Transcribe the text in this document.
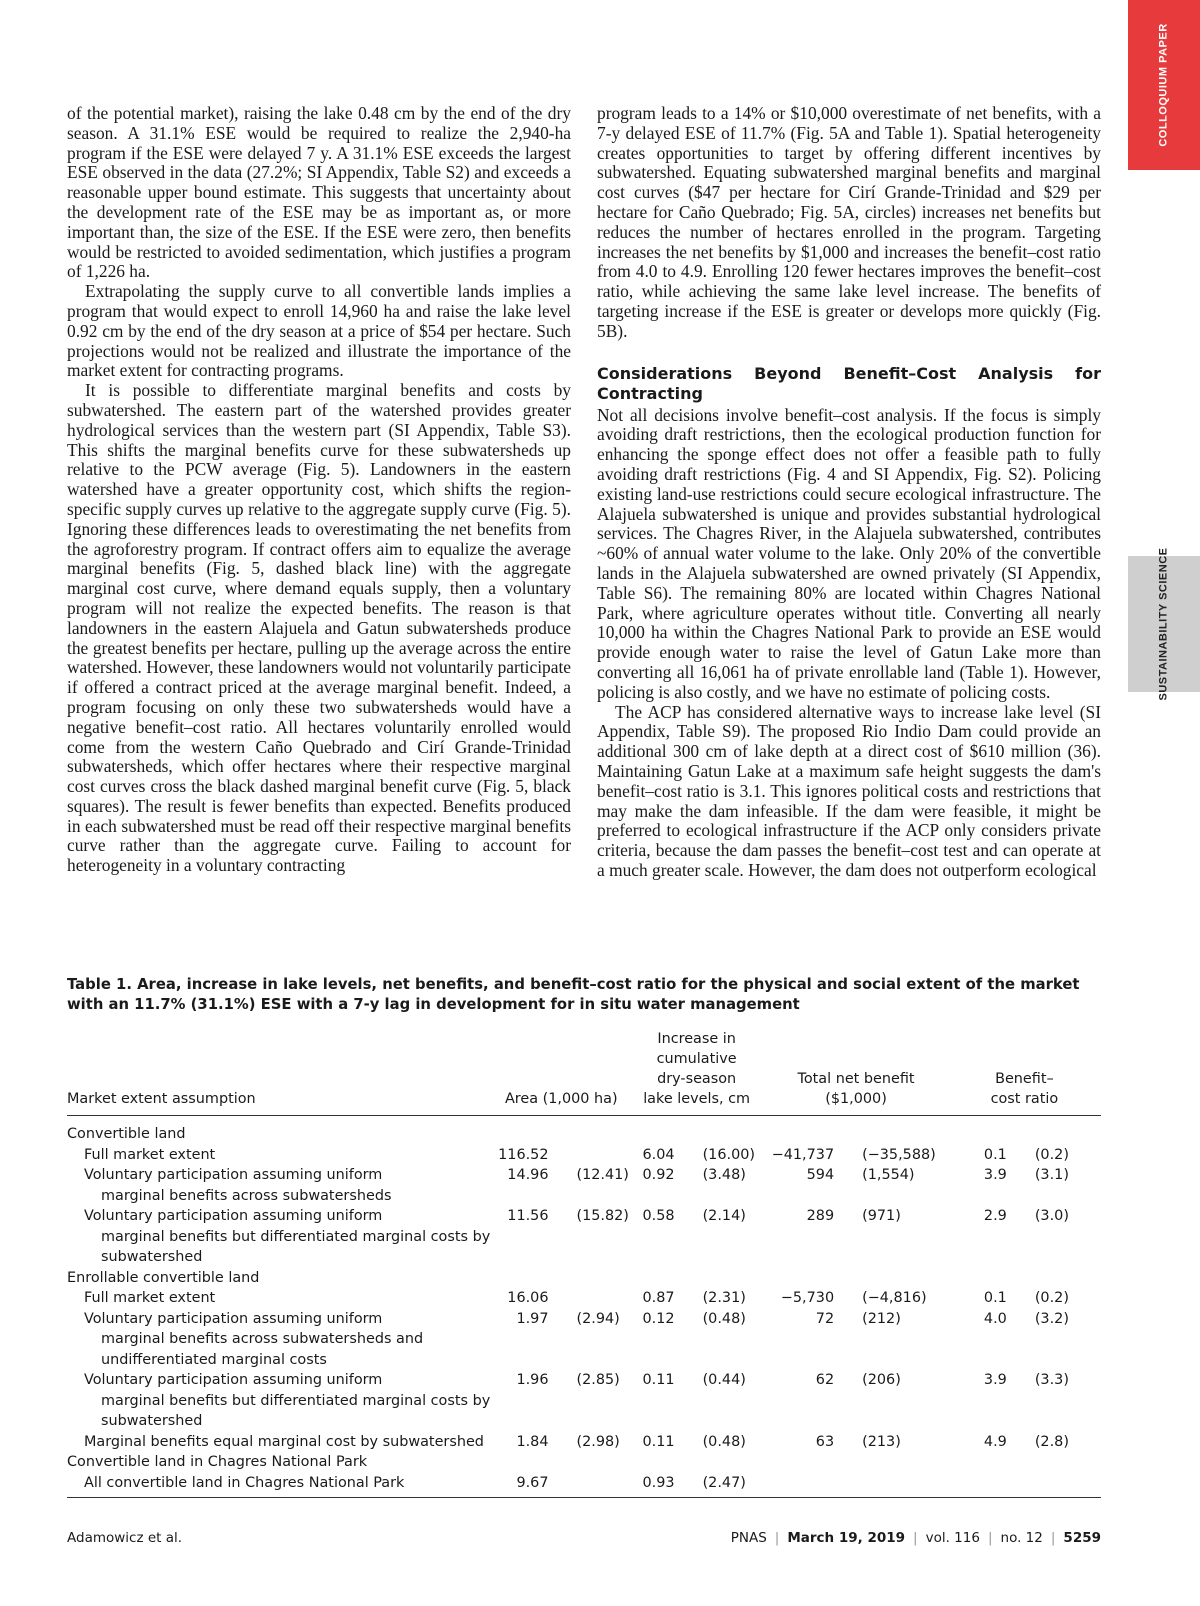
COLLOQUIUM PAPER
SUSTAINABILITY SCIENCE

of the potential market), raising the lake 0.48 cm by the end of the dry season. A 31.1% ESE would be required to realize the 2,940-ha program if the ESE were delayed 7 y. A 31.1% ESE exceeds the largest ESE observed in the data (27.2%; SI Appendix, Table S2) and exceeds a reasonable upper bound estimate. This suggests that uncertainty about the development rate of the ESE may be as important as, or more important than, the size of the ESE. If the ESE were zero, then benefits would be restricted to avoided sedimentation, which justifies a program of 1,226 ha.

Extrapolating the supply curve to all convertible lands implies a program that would expect to enroll 14,960 ha and raise the lake level 0.92 cm by the end of the dry season at a price of $54 per hectare. Such projections would not be realized and illustrate the importance of the market extent for contracting programs.

It is possible to differentiate marginal benefits and costs by subwatershed. The eastern part of the watershed provides greater hydrological services than the western part (SI Appendix, Table S3). This shifts the marginal benefits curve for these subwatersheds up relative to the PCW average (Fig. 5). Landowners in the eastern watershed have a greater opportunity cost, which shifts the region-specific supply curves up relative to the aggregate supply curve (Fig. 5). Ignoring these differences leads to overestimating the net benefits from the agroforestry program. If contract offers aim to equalize the average marginal benefits (Fig. 5, dashed black line) with the aggregate marginal cost curve, where demand equals supply, then a voluntary program will not realize the expected benefits. The reason is that landowners in the eastern Alajuela and Gatun subwatersheds produce the greatest benefits per hectare, pulling up the average across the entire watershed. However, these landowners would not voluntarily participate if offered a contract priced at the average marginal benefit. Indeed, a program focusing on only these two subwatersheds would have a negative benefit–cost ratio. All hectares voluntarily enrolled would come from the western Caño Quebrado and Cirí Grande-Trinidad subwatersheds, which offer hectares where their respective marginal cost curves cross the black dashed marginal benefit curve (Fig. 5, black squares). The result is fewer benefits than expected. Benefits produced in each subwatershed must be read off their respective marginal benefits curve rather than the aggregate curve. Failing to account for heterogeneity in a voluntary contracting

program leads to a 14% or $10,000 overestimate of net benefits, with a 7-y delayed ESE of 11.7% (Fig. 5A and Table 1). Spatial heterogeneity creates opportunities to target by offering different incentives by subwatershed. Equating subwatershed marginal benefits and marginal cost curves ($47 per hectare for Cirí Grande-Trinidad and $29 per hectare for Caño Quebrado; Fig. 5A, circles) increases net benefits but reduces the number of hectares enrolled in the program. Targeting increases the net benefits by $1,000 and increases the benefit–cost ratio from 4.0 to 4.9. Enrolling 120 fewer hectares improves the benefit–cost ratio, while achieving the same lake level increase. The benefits of targeting increase if the ESE is greater or develops more quickly (Fig. 5B).

Considerations Beyond Benefit–Cost Analysis for Contracting

Not all decisions involve benefit–cost analysis. If the focus is simply avoiding draft restrictions, then the ecological production function for enhancing the sponge effect does not offer a feasible path to fully avoiding draft restrictions (Fig. 4 and SI Appendix, Fig. S2). Policing existing land-use restrictions could secure ecological infrastructure. The Alajuela subwatershed is unique and provides substantial hydrological services. The Chagres River, in the Alajuela subwatershed, contributes ~60% of annual water volume to the lake. Only 20% of the convertible lands in the Alajuela subwatershed are owned privately (SI Appendix, Table S6). The remaining 80% are located within Chagres National Park, where agriculture operates without title. Converting all nearly 10,000 ha within the Chagres National Park to provide an ESE would provide enough water to raise the level of Gatun Lake more than converting all 16,061 ha of private enrollable land (Table 1). However, policing is also costly, and we have no estimate of policing costs.

The ACP has considered alternative ways to increase lake level (SI Appendix, Table S9). The proposed Rio Indio Dam could provide an additional 300 cm of lake depth at a direct cost of $610 million (36). Maintaining Gatun Lake at a maximum safe height suggests the dam's benefit–cost ratio is 3.1. This ignores political costs and restrictions that may make the dam infeasible. If the dam were feasible, it might be preferred to ecological infrastructure if the ACP only considers private criteria, because the dam passes the benefit–cost test and can operate at a much greater scale. However, the dam does not outperform ecological

Table 1. Area, increase in lake levels, net benefits, and benefit–cost ratio for the physical and social extent of the market with an 11.7% (31.1%) ESE with a 7-y lag in development for in situ water management
Market extent assumption	Area (1,000 ha)		Increase in cumulative dry-season lake levels, cm		Total net benefit ($1,000)		Benefit–cost ratio	

Convertible land								
Full market extent	116.52		6.04	(16.00)	−41,737	(−35,588)	0.1	(0.2)
Voluntary participation assuming uniform
marginal benefits across subwatersheds	14.96	(12.41)	0.92	(3.48)	594	(1,554)	3.9	(3.1)
Voluntary participation assuming uniform
marginal benefits but differentiated marginal costs by subwatershed	11.56	(15.82)	0.58	(2.14)	289	(971)	2.9	(3.0)
Enrollable convertible land								
Full market extent	16.06		0.87	(2.31)	−5,730	(−4,816)	0.1	(0.2)
Voluntary participation assuming uniform
marginal benefits across subwatersheds and undifferentiated marginal costs	1.97	(2.94)	0.12	(0.48)	72	(212)	4.0	(3.2)
Voluntary participation assuming uniform
marginal benefits but differentiated marginal costs by subwatershed	1.96	(2.85)	0.11	(0.44)	62	(206)	3.9	(3.3)
Marginal benefits equal marginal cost by subwatershed	1.84	(2.98)	0.11	(0.48)	63	(213)	4.9	(2.8)
Convertible land in Chagres National Park								
All convertible land in Chagres National Park	9.67		0.93	(2.47)				
Adamowicz et al.	PNAS | March 19, 2019 | vol. 116 | no. 12 | 5259
